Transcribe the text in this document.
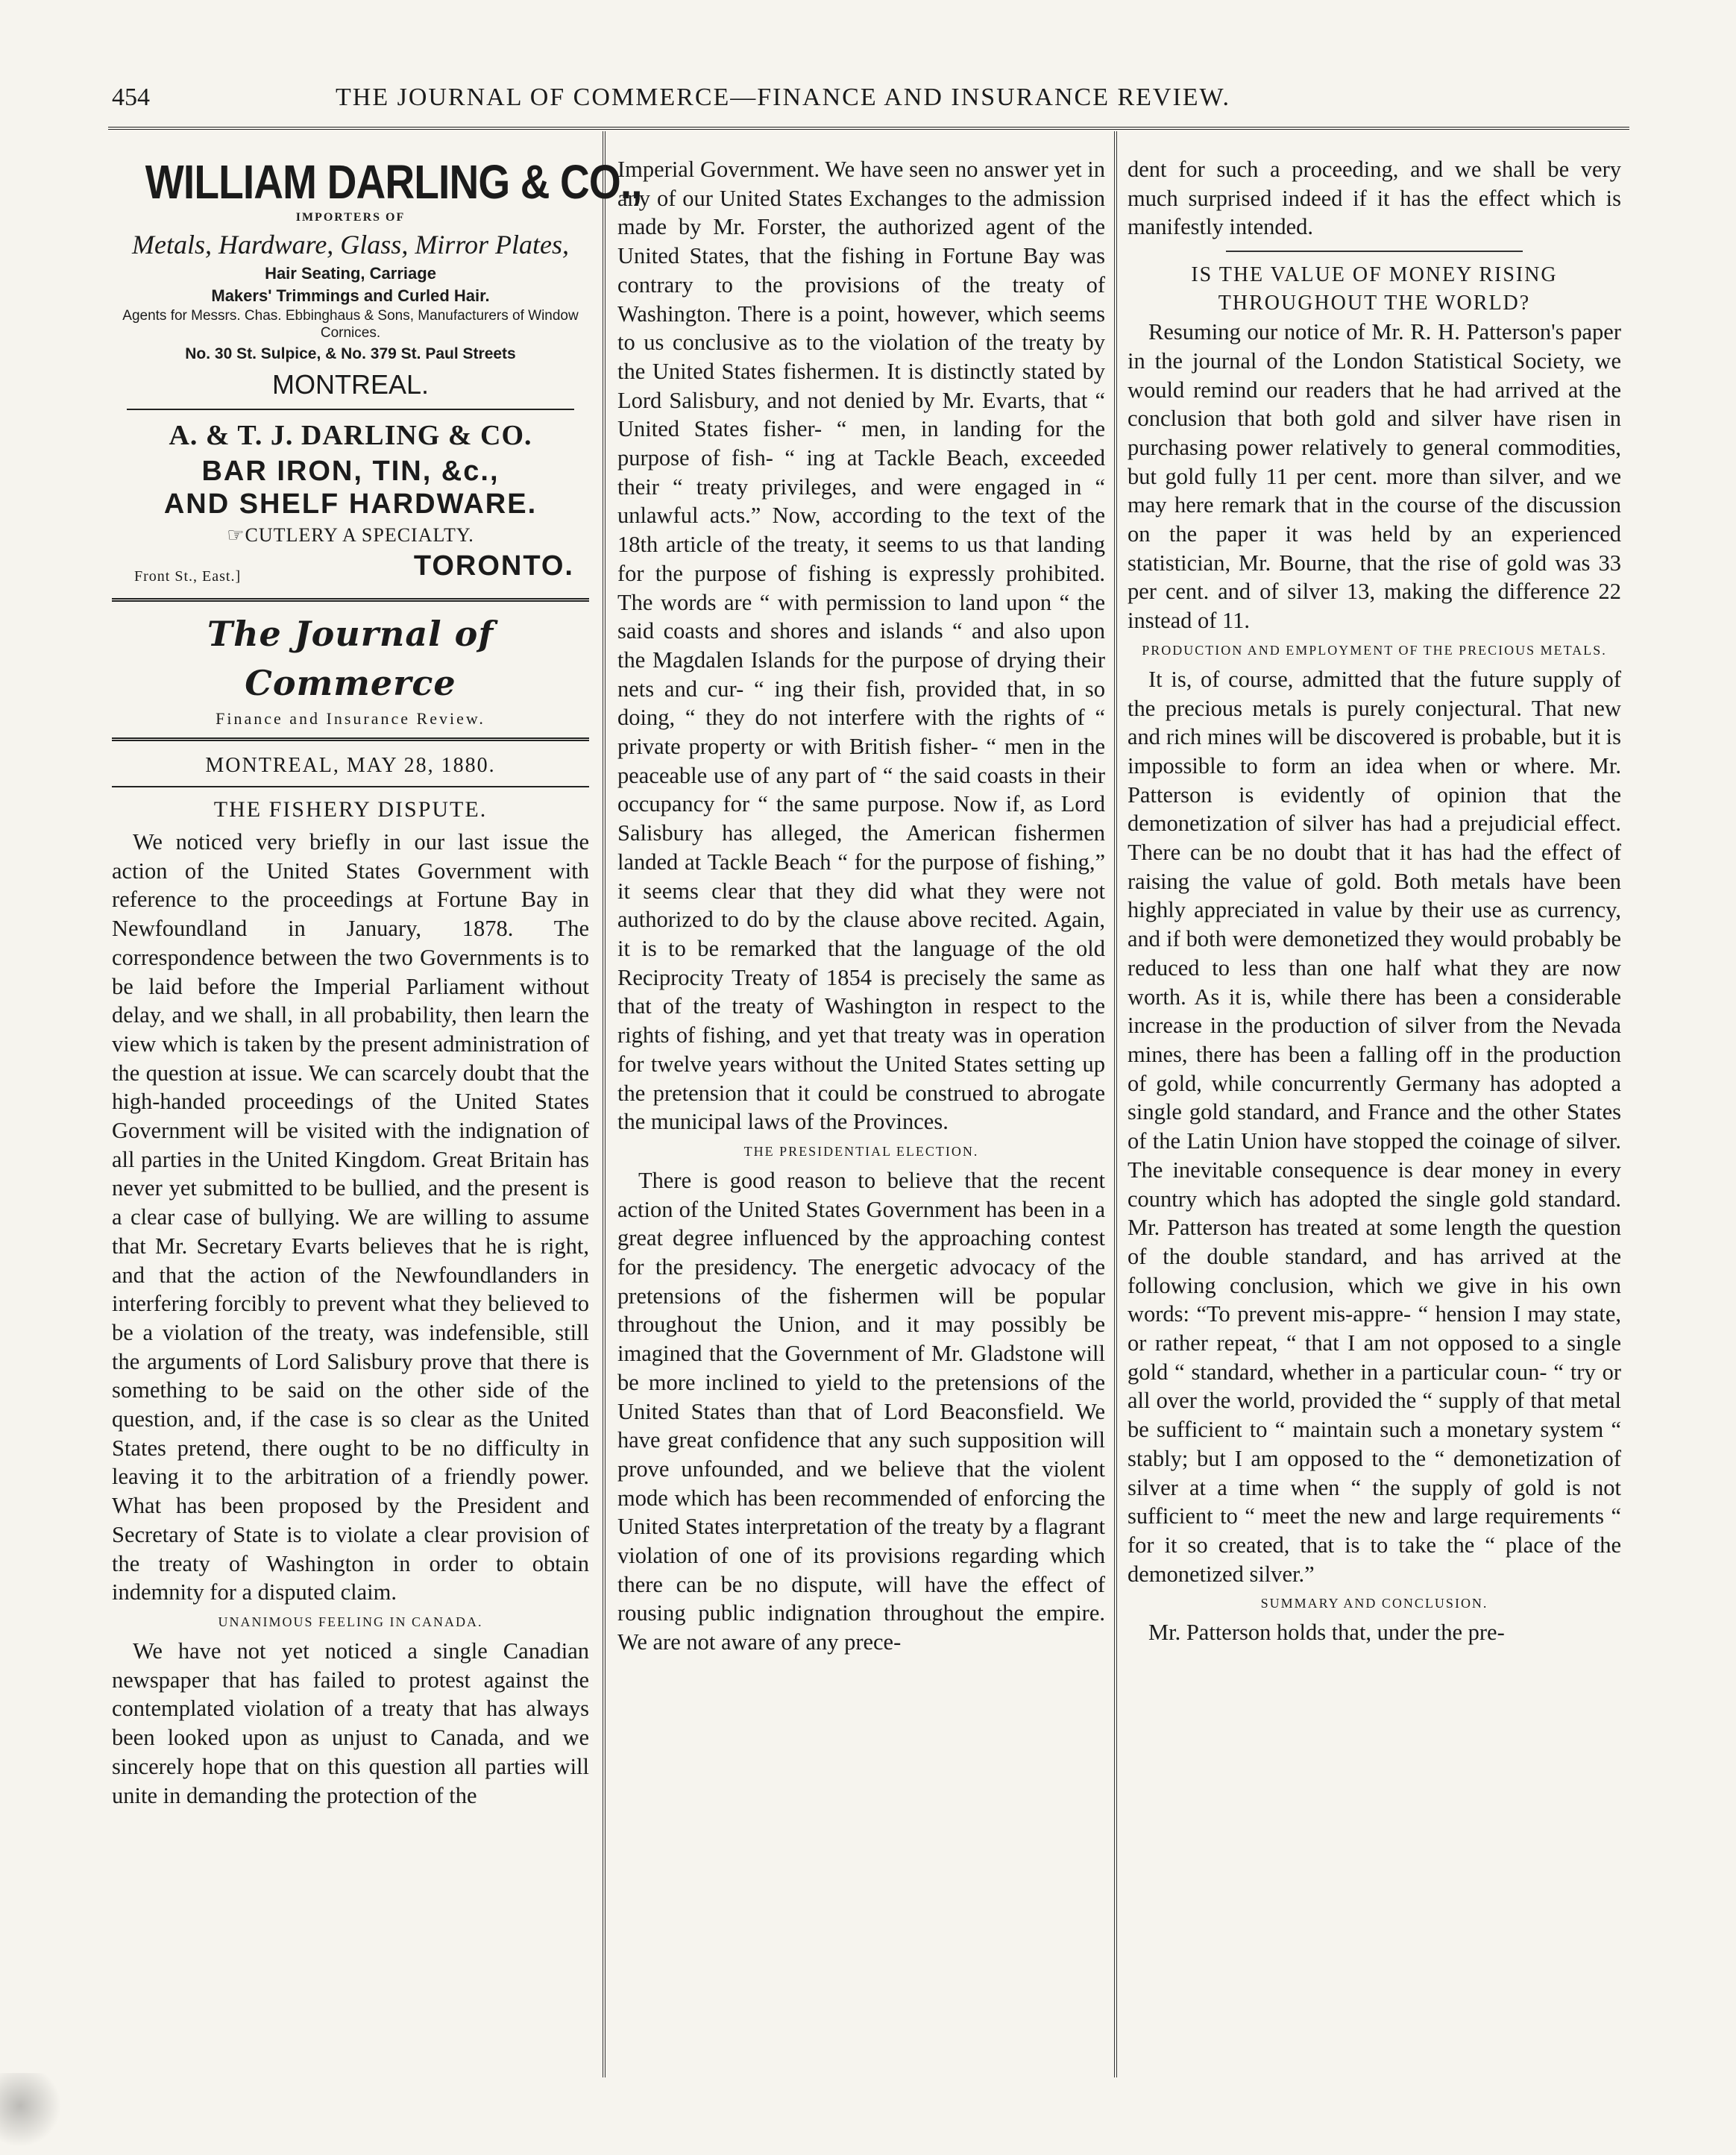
454	THE JOURNAL OF COMMERCE—FINANCE AND INSURANCE REVIEW.
WILLIAM DARLING & CO.,
IMPORTERS OF
Metals, Hardware, Glass, Mirror Plates,
Hair Seating, Carriage
Makers' Trimmings and Curled Hair.
Agents for Messrs. Chas. Ebbinghaus & Sons, Manufacturers of Window Cornices.
No. 30 St. Sulpice, & No. 379 St. Paul Streets
MONTREAL.
A. & T. J. DARLING & CO.
BAR IRON, TIN, &c.,
AND SHELF HARDWARE.
☞CUTLERY A SPECIALTY.
Front St., East.]	TORONTO.
The Journal of Commerce
Finance and Insurance Review.
MONTREAL, MAY 28, 1880.
THE FISHERY DISPUTE.

We noticed very briefly in our last issue the action of the United States Government with reference to the proceedings at Fortune Bay in Newfoundland in January, 1878. The correspondence between the two Governments is to be laid before the Imperial Parliament without delay, and we shall, in all probability, then learn the view which is taken by the present administration of the question at issue. We can scarcely doubt that the high-handed proceedings of the United States Government will be visited with the indignation of all parties in the United Kingdom. Great Britain has never yet submitted to be bullied, and the present is a clear case of bullying. We are willing to assume that Mr. Secretary Evarts believes that he is right, and that the action of the Newfoundlanders in interfering forcibly to prevent what they believed to be a violation of the treaty, was indefensible, still the arguments of Lord Salisbury prove that there is something to be said on the other side of the question, and, if the case is so clear as the United States pretend, there ought to be no difficulty in leaving it to the arbitration of a friendly power. What has been proposed by the President and Secretary of State is to violate a clear provision of the treaty of Washington in order to obtain indemnity for a disputed claim.

UNANIMOUS FEELING IN CANADA.

We have not yet noticed a single Canadian newspaper that has failed to protest against the contemplated violation of a treaty that has always been looked upon as unjust to Canada, and we sincerely hope that on this question all parties will unite in demanding the protection of the

Imperial Government. We have seen no answer yet in any of our United States Exchanges to the admission made by Mr. Forster, the authorized agent of the United States, that the fishing in Fortune Bay was contrary to the provisions of the treaty of Washington. There is a point, however, which seems to us conclusive as to the violation of the treaty by the United States fishermen. It is distinctly stated by Lord Salisbury, and not denied by Mr. Evarts, that “ United States fisher- “ men, in landing for the purpose of fish- “ ing at Tackle Beach, exceeded their “ treaty privileges, and were engaged in “ unlawful acts.” Now, according to the text of the 18th article of the treaty, it seems to us that landing for the purpose of fishing is expressly prohibited. The words are “ with permission to land upon “ the said coasts and shores and islands “ and also upon the Magdalen Islands for the purpose of drying their nets and cur- “ ing their fish, provided that, in so doing, “ they do not interfere with the rights of “ private property or with British fisher- “ men in the peaceable use of any part of “ the said coasts in their occupancy for “ the same purpose. Now if, as Lord Salisbury has alleged, the American fishermen landed at Tackle Beach “ for the purpose of fishing,” it seems clear that they did what they were not authorized to do by the clause above recited. Again, it is to be remarked that the language of the old Reciprocity Treaty of 1854 is precisely the same as that of the treaty of Washington in respect to the rights of fishing, and yet that treaty was in operation for twelve years without the United States setting up the pretension that it could be construed to abrogate the municipal laws of the Provinces.

THE PRESIDENTIAL ELECTION.

There is good reason to believe that the recent action of the United States Government has been in a great degree influenced by the approaching contest for the presidency. The energetic advocacy of the pretensions of the fishermen will be popular throughout the Union, and it may possibly be imagined that the Government of Mr. Gladstone will be more inclined to yield to the pretensions of the United States than that of Lord Beaconsfield. We have great confidence that any such supposition will prove unfounded, and we believe that the violent mode which has been recommended of enforcing the United States interpretation of the treaty by a flagrant violation of one of its provisions regarding which there can be no dispute, will have the effect of rousing public indignation throughout the empire. We are not aware of any prece-

dent for such a proceeding, and we shall be very much surprised indeed if it has the effect which is manifestly intended.

IS THE VALUE OF MONEY RISING THROUGHOUT THE WORLD?

Resuming our notice of Mr. R. H. Patterson's paper in the journal of the London Statistical Society, we would remind our readers that he had arrived at the conclusion that both gold and silver have risen in purchasing power relatively to general commodities, but gold fully 11 per cent. more than silver, and we may here remark that in the course of the discussion on the paper it was held by an experienced statistician, Mr. Bourne, that the rise of gold was 33 per cent. and of silver 13, making the difference 22 instead of 11.

PRODUCTION AND EMPLOYMENT OF THE PRECIOUS METALS.

It is, of course, admitted that the future supply of the precious metals is purely conjectural. That new and rich mines will be discovered is probable, but it is impossible to form an idea when or where. Mr. Patterson is evidently of opinion that the demonetization of silver has had a prejudicial effect. There can be no doubt that it has had the effect of raising the value of gold. Both metals have been highly appreciated in value by their use as currency, and if both were demonetized they would probably be reduced to less than one half what they are now worth. As it is, while there has been a considerable increase in the production of silver from the Nevada mines, there has been a falling off in the production of gold, while concurrently Germany has adopted a single gold standard, and France and the other States of the Latin Union have stopped the coinage of silver. The inevitable consequence is dear money in every country which has adopted the single gold standard. Mr. Patterson has treated at some length the question of the double standard, and has arrived at the following conclusion, which we give in his own words: “To prevent mis-appre- “ hension I may state, or rather repeat, “ that I am not opposed to a single gold “ standard, whether in a particular coun- “ try or all over the world, provided the “ supply of that metal be sufficient to “ maintain such a monetary system “ stably; but I am opposed to the “ demonetization of silver at a time when “ the supply of gold is not sufficient to “ meet the new and large requirements “ for it so created, that is to take the “ place of the demonetized silver.”

SUMMARY AND CONCLUSION.

Mr. Patterson holds that, under the pre-
